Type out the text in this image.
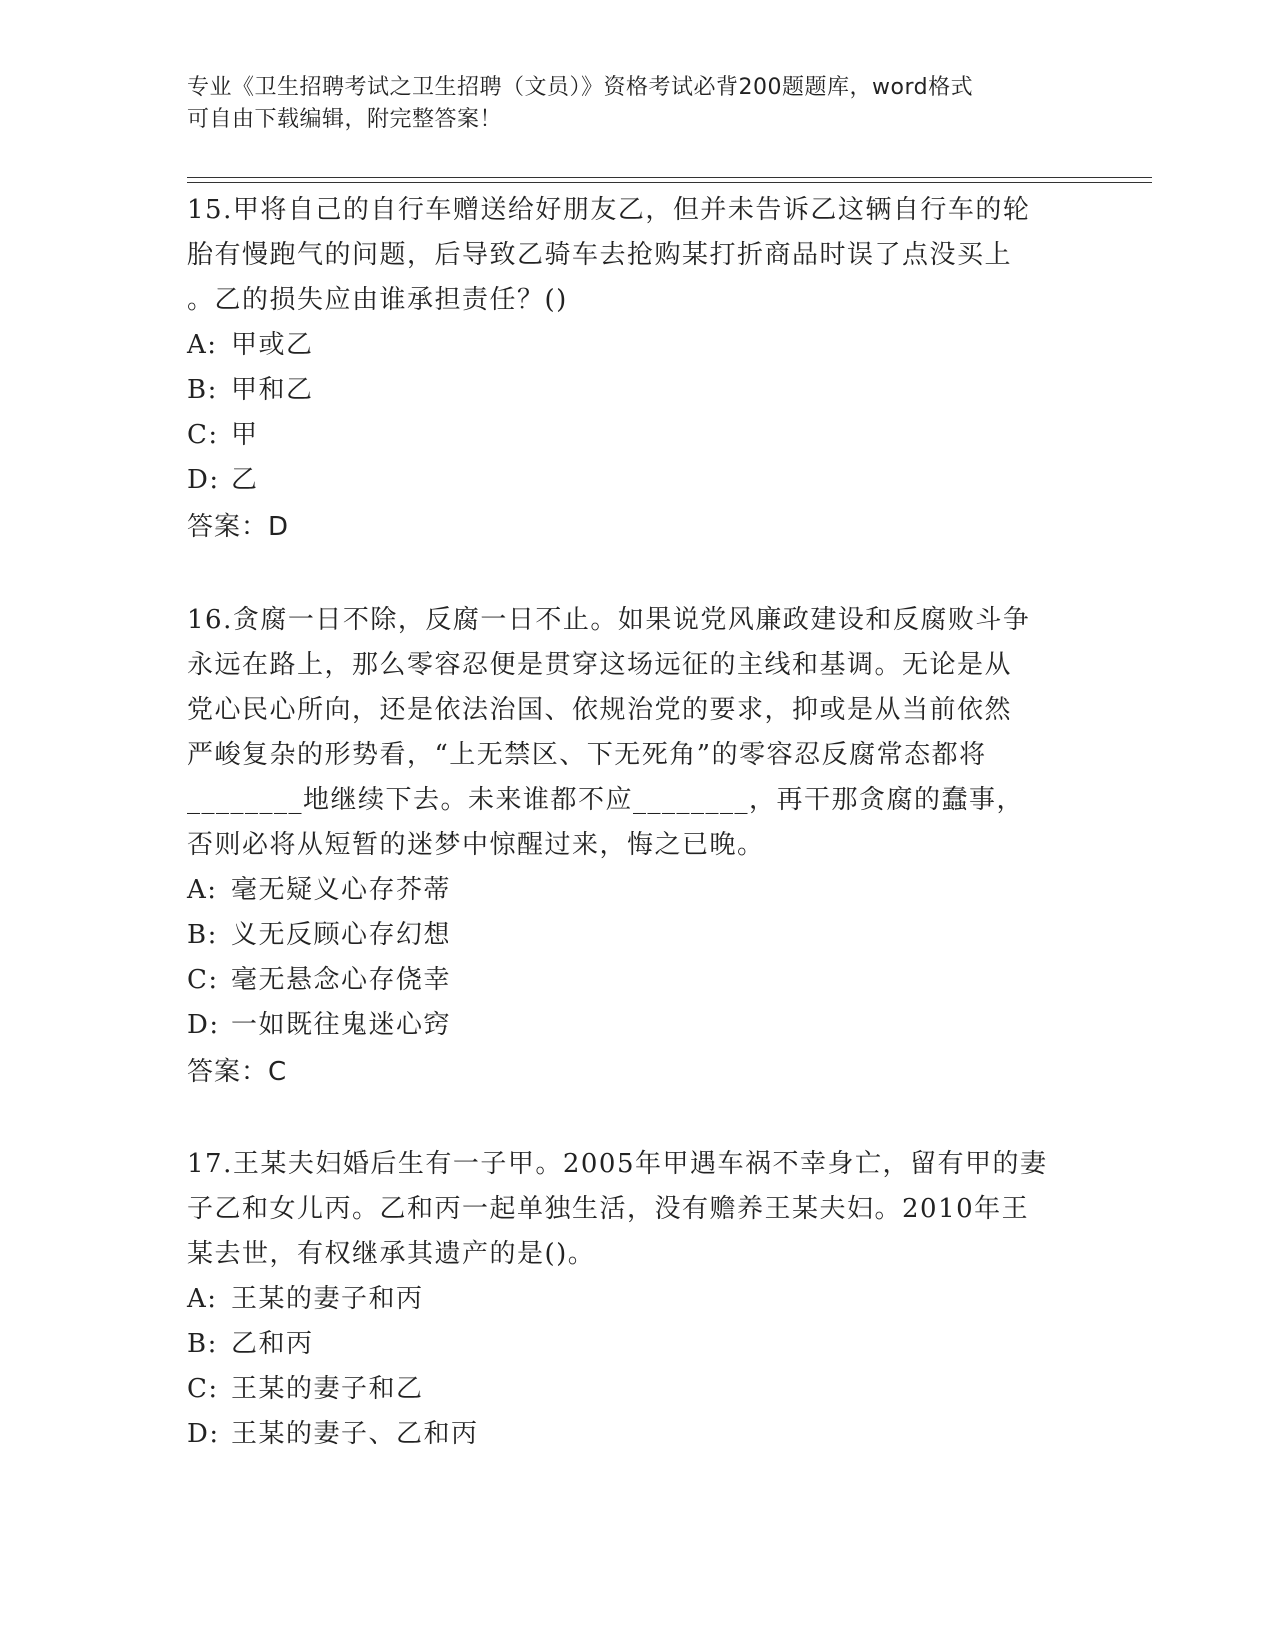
专业《卫生招聘考试之卫生招聘（文员）》资格考试必背200题题库，word格式
可自由下载编辑，附完整答案！
15.甲将自己的自行车赠送给好朋友乙，但并未告诉乙这辆自行车的轮
胎有慢跑气的问题，后导致乙骑车去抢购某打折商品时误了点没买上
。乙的损失应由谁承担责任？()
A: 甲或乙
B: 甲和乙
C: 甲
D: 乙
答案：D
16.贪腐一日不除，反腐一日不止。如果说党风廉政建设和反腐败斗争
永远在路上，那么零容忍便是贯穿这场远征的主线和基调。无论是从
党心民心所向，还是依法治国、依规治党的要求，抑或是从当前依然
严峻复杂的形势看，“上无禁区、下无死角”的零容忍反腐常态都将
________地继续下去。未来谁都不应________，再干那贪腐的蠢事，
否则必将从短暂的迷梦中惊醒过来，悔之已晚。
A: 毫无疑义心存芥蒂
B: 义无反顾心存幻想
C: 毫无悬念心存侥幸
D: 一如既往鬼迷心窍
答案：C
17.王某夫妇婚后生有一子甲。2005年甲遇车祸不幸身亡，留有甲的妻
子乙和女儿丙。乙和丙一起单独生活，没有赡养王某夫妇。2010年王
某去世，有权继承其遗产的是()。
A: 王某的妻子和丙
B: 乙和丙
C: 王某的妻子和乙
D: 王某的妻子、乙和丙
